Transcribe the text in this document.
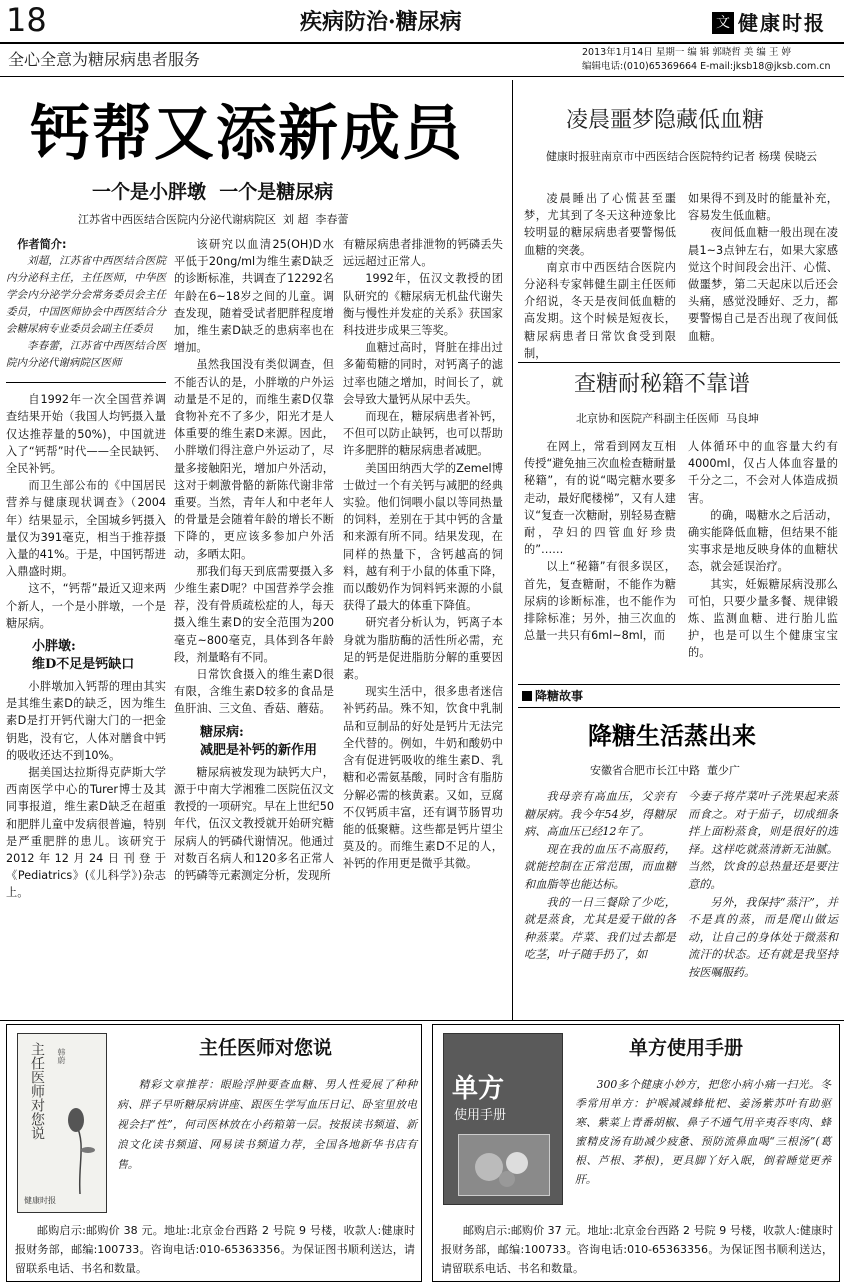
18	疾病防治·糖尿病	文 健康时报
全心全意为糖尿病患者服务	2013年1月14日 星期一 编 辑 郭晓哲 美 编 王 婷
编辑电话:(010)65369664 E-mail:jksb18@jksb.com.cn
钙帮又添新成员
一个是小胖墩  一个是糖尿病
江苏省中西医结合医院内分泌代谢病院区  刘 超  李春蕾

作者简介:

刘超，江苏省中西医结合医院内分泌科主任，主任医师，中华医学会内分泌学分会常务委员会主任委员，中国医师协会中西医结合分会糖尿病专业委员会副主任委员

李春蕾，江苏省中西医结合医院内分泌代谢病院区医师

自1992年一次全国营养调查结果开始（我国人均钙摄入量仅达推荐量的50%)，中国就进入了“钙帮”时代——全民缺钙、全民补钙。

而卫生部公布的《中国居民营养与健康现状调查》（2004年）结果显示，全国城乡钙摄入量仅为391毫克，相当于推荐摄入量的41%。于是，中国钙帮进入鼎盛时期。

这不，“钙帮”最近又迎来两个新人，一个是小胖墩，一个是糖尿病。

小胖墩:

维D不足是钙缺口

小胖墩加入钙帮的理由其实是其维生素D的缺乏，因为维生素D是打开钙代谢大门的一把金钥匙，没有它，人体对膳食中钙的吸收还达不到10%。

据美国达拉斯得克萨斯大学西南医学中心的Turer博士及其同事报道，维生素D缺乏在超重和肥胖儿童中发病很普遍，特别是严重肥胖的患儿。该研究于2012年12月24日刊登于《Pediatrics》(《儿科学》)杂志上。

该研究以血清25(OH)D水平低于20ng/ml为维生素D缺乏的诊断标准，共调查了12292名年龄在6~18岁之间的儿童。调查发现，随着受试者肥胖程度增加，维生素D缺乏的患病率也在增加。

虽然我国没有类似调查，但不能否认的是，小胖墩的户外运动量是不足的，而维生素D仅靠食物补充不了多少，阳光才是人体重要的维生素D来源。因此，小胖墩们得注意户外运动了，尽量多接触阳光，增加户外活动，这对于刺激骨骼的新陈代谢非常重要。当然，青年人和中老年人的骨量是会随着年龄的增长不断下降的，更应该多参加户外活动，多晒太阳。

那我们每天到底需要摄入多少维生素D呢？中国营养学会推荐，没有骨质疏松症的人，每天摄入维生素D的安全范围为200毫克~800毫克，具体到各年龄段，剂量略有不同。

日常饮食摄入的维生素D很有限，含维生素D较多的食品是鱼肝油、三文鱼、香菇、蘑菇。

糖尿病:

减肥是补钙的新作用

糖尿病被发现为缺钙大户，源于中南大学湘雅二医院伍汉文教授的一项研究。早在上世纪50年代，伍汉文教授就开始研究糖尿病人的钙磷代谢情况。他通过对数百名病人和120多名正常人的钙磷等元素测定分析，发现所

有糖尿病患者排泄物的钙磷丢失远远超过正常人。

1992年，伍汉文教授的团队研究的《糖尿病无机盐代谢失衡与慢性并发症的关系》获国家科技进步成果三等奖。

血糖过高时，肾脏在排出过多葡萄糖的同时，对钙离子的滤过率也随之增加，时间长了，就会导致大量钙从尿中丢失。

而现在，糖尿病患者补钙，不但可以防止缺钙，也可以帮助许多肥胖的糖尿病患者减肥。

美国田纳西大学的Zemel博士做过一个有关钙与减肥的经典实验。他们饲喂小鼠以等同热量的饲料，差别在于其中钙的含量和来源有所不同。结果发现，在同样的热量下，含钙越高的饲料，越有利于小鼠的体重下降，而以酸奶作为饲料钙来源的小鼠获得了最大的体重下降值。

研究者分析认为，钙离子本身就为脂肪酶的活性所必需，充足的钙是促进脂肪分解的重要因素。

现实生活中，很多患者迷信补钙药品。殊不知，饮食中乳制品和豆制品的好处是钙片无法完全代替的。例如，牛奶和酸奶中含有促进钙吸收的维生素D、乳糖和必需氨基酸，同时含有脂肪分解必需的核黄素。又如，豆腐不仅钙质丰富，还有调节肠胃功能的低聚糖。这些都是钙片望尘莫及的。而维生素D不足的人，补钙的作用更是微乎其微。

凌晨噩梦隐藏低血糖
健康时报驻南京市中西医结合医院特约记者 杨璞 侯晓云

凌晨睡出了心慌甚至噩梦，尤其到了冬天这种迹象比较明显的糖尿病患者要警惕低血糖的突袭。

南京市中西医结合医院内分泌科专家韩健生副主任医师介绍说，冬天是夜间低血糖的高发期。这个时候是短夜长，糖尿病患者日常饮食受到限制，

如果得不到及时的能量补充，容易发生低血糖。

夜间低血糖一般出现在凌晨1~3点钟左右，如果大家感觉这个时间段会出汗、心慌、做噩梦，第二天起床以后还会头痛，感觉没睡好、乏力，都要警惕自己是否出现了夜间低血糖。

查糖耐秘籍不靠谱
北京协和医院产科副主任医师  马良坤

在网上，常看到网友互相传授“避免抽三次血检查糖耐量秘籍”，有的说“喝完糖水要多走动，最好爬楼梯”，又有人建议“复查一次糖耐，别轻易查糖耐，孕妇的四管血好珍贵的”……

以上“秘籍”有很多误区，首先，复查糖耐，不能作为糖尿病的诊断标准，也不能作为排除标准；另外，抽三次血的总量一共只有6ml~8ml，而

人体循环中的血容量大约有4000ml，仅占人体血容量的千分之二，不会对人体造成损害。

的确，喝糖水之后活动，确实能降低血糖，但结果不能实事求是地反映身体的血糖状态，就会延误治疗。

其实，妊娠糖尿病没那么可怕，只要少量多餐、规律锻炼、监测血糖、进行胎儿监护，也是可以生个健康宝宝的。

降糖故事
降糖生活蒸出来
安徽省合肥市长江中路  董少广

我母亲有高血压，父亲有糖尿病。我今年54岁，得糖尿病、高血压已经12年了。

现在我的血压不高服药，就能控制在正常范围，而血糖和血脂等也能达标。

我的一日三餐除了少吃，就是蒸食，尤其是爱干做的各种蒸菜。芹菜、我们过去都是吃茎，叶子随手扔了，如

今妻子将芹菜叶子洗果起来蒸而食之。对于茄子，切成细条拌上面粉蒸食，则是很好的选择。这样吃就蒸清新无油腻。当然，饮食的总热量还是要注意的。

另外，我保持“蒸汗”，并不是真的蒸，而是爬山做运动，让自己的身体处于微蒸和流汗的状态。还有就是我坚持按医嘱服药。

主任医师对您说 韩蔚
健康时报
主任医师对您说
精彩文章推荐：眼睑浮肿要查血糖、男人性爱展了种种病、胖子早听糖尿病讲座、跟医生学写血压日记、卧室里放电视会扫“性”，何司医林放在小药箱第一层。按报读书频道、新浪文化读书频道、网易读书频道力荐，全国各地新华书店有售。
邮购启示:邮购价 38 元。地址:北京金台西路 2 号院 9 号楼，收款人:健康时报财务部，邮编:100733。咨询电话:010-65363356。为保证图书顺利送达，请留联系电话、书名和数量。
单方
使用手册
单方使用手册
300多个健康小妙方，把您小病小痛一扫光。冬季常用单方：护喉减减蜂枇杷、姜汤紫苏叶有助驱寒、紫菜上青番胡椒、鼻子不通气用辛夷吞枣肉、蜂蜜精皮汤有助减少疲惫、预防流鼻血喝“三根汤”(葛根、芦根、茅根)，更具脚丫好入眠，倒着睡觉更养肝。
邮购启示:邮购价 37 元。地址:北京金台西路 2 号院 9 号楼，收款人:健康时报财务部，邮编:100733。咨询电话:010-65363356。为保证图书顺利送达，请留联系电话、书名和数量。
